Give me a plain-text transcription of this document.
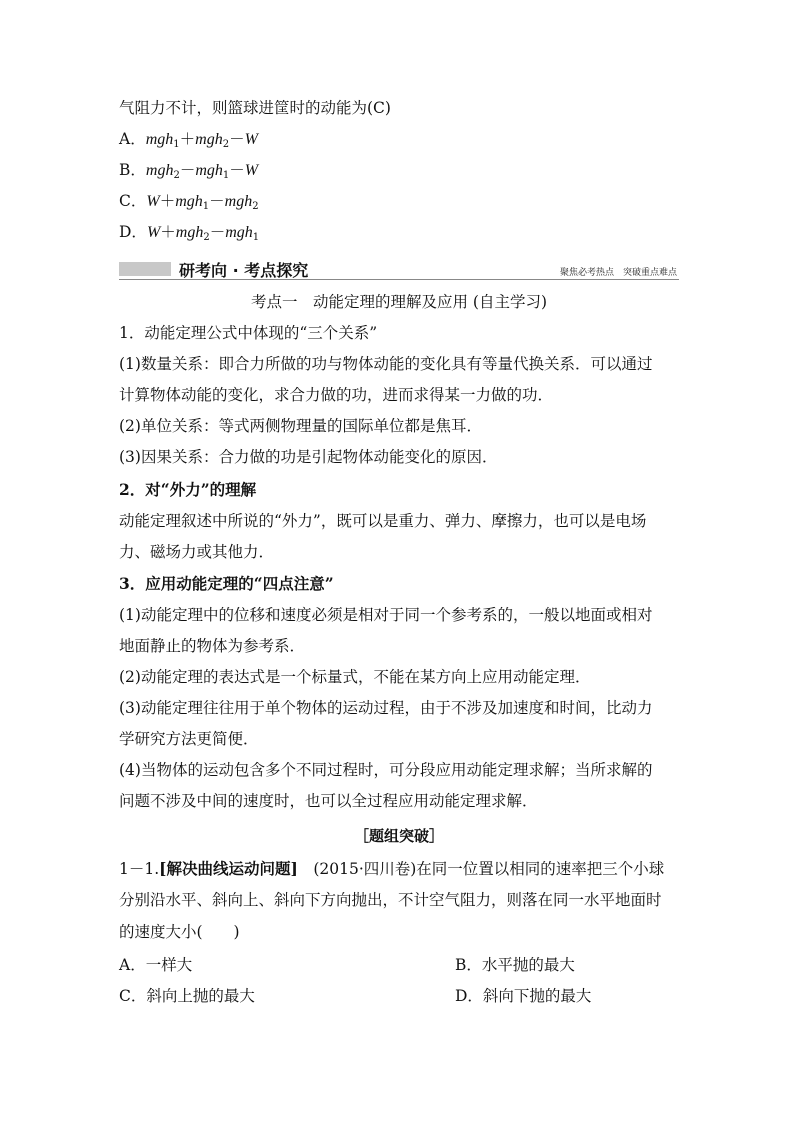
气阻力不计，则篮球进筐时的动能为(C)
A．mgh$_1$＋mgh$_2$－W
B．mgh$_2$－mgh$_1$－W
C．W＋mgh$_1$－mgh$_2$
D．W＋mgh$_2$－mgh$_1$
研考向 · 考点探究	聚焦必考热点　突破重点难点
考点一　动能定理的理解及应用 (自主学习)
1．动能定理公式中体现的“三个关系”
(1)数量关系：即合力所做的功与物体动能的变化具有等量代换关系．可以通过
计算物体动能的变化，求合力做的功，进而求得某一力做的功．
(2)单位关系：等式两侧物理量的国际单位都是焦耳．
(3)因果关系：合力做的功是引起物体动能变化的原因．
2．对“外力”的理解
动能定理叙述中所说的“外力”，既可以是重力、弹力、摩擦力，也可以是电场
力、磁场力或其他力．
3．应用动能定理的“四点注意”
(1)动能定理中的位移和速度必须是相对于同一个参考系的，一般以地面或相对
地面静止的物体为参考系．
(2)动能定理的表达式是一个标量式，不能在某方向上应用动能定理．
(3)动能定理往往用于单个物体的运动过程，由于不涉及加速度和时间，比动力
学研究方法更简便．
(4)当物体的运动包含多个不同过程时，可分段应用动能定理求解；当所求解的
问题不涉及中间的速度时，也可以全过程应用动能定理求解．
［题组突破］
1－1.[解决曲线运动问题]　(2015·四川卷)在同一位置以相同的速率把三个小球
分别沿水平、斜向上、斜向下方向抛出，不计空气阻力，则落在同一水平地面时
的速度大小(　　)
A．一样大	B．水平抛的最大
C．斜向上抛的最大	D．斜向下抛的最大
